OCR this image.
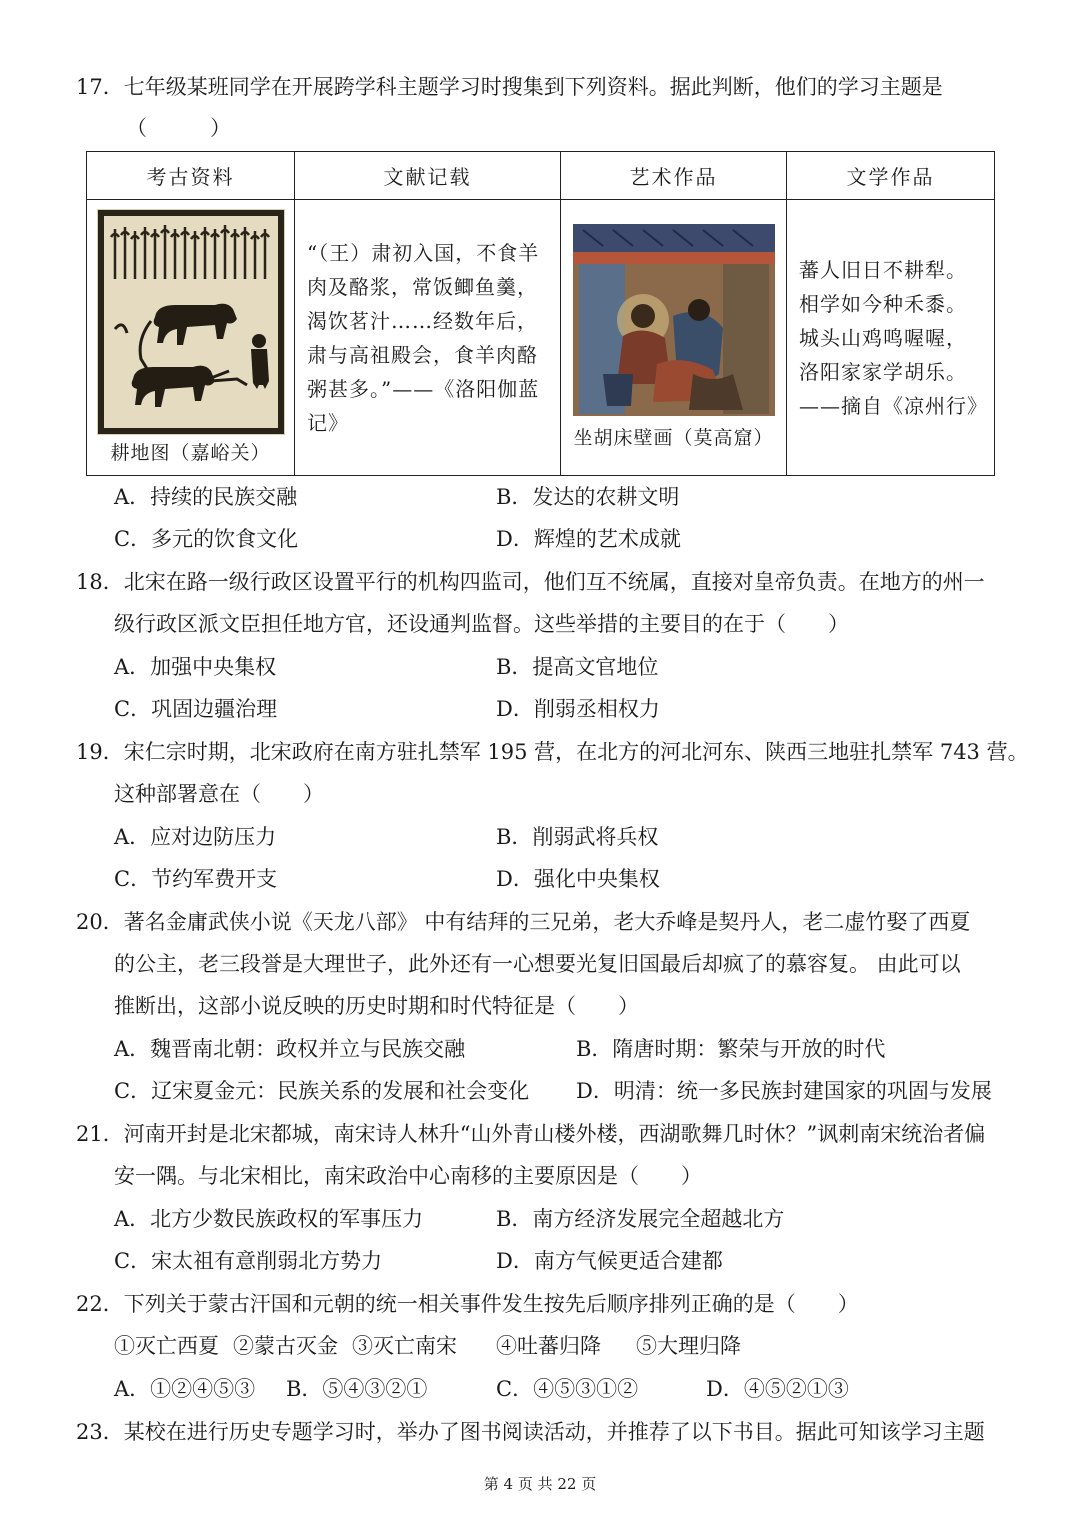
17．七年级某班同学在开展跨学科主题学习时搜集到下列资料。据此判断，他们的学习主题是
（　　　）
考古资料	文献记载	艺术作品	文学作品

耕地图（嘉峪关）	“（王）肃初入国，不食羊肉及酪浆，常饭鲫鱼羹，渴饮茗汁……经数年后，肃与高祖殿会，食羊肉酪粥甚多。”——《洛阳伽蓝记》	坐胡床壁画（莫高窟）	蕃人旧日不耕犁。相学如今种禾黍。城头山鸡鸣喔喔，洛阳家家学胡乐。——摘自《凉州行》
A．持续的民族交融	B．发达的农耕文明
C．多元的饮食文化	D．辉煌的艺术成就
18．北宋在路一级行政区设置平行的机构四监司，他们互不统属，直接对皇帝负责。在地方的州一
级行政区派文臣担任地方官，还设通判监督。这些举措的主要目的在于（　　）
A．加强中央集权	B．提高文官地位
C．巩固边疆治理	D．削弱丞相权力
19．宋仁宗时期，北宋政府在南方驻扎禁军 195 营，在北方的河北河东、陕西三地驻扎禁军 743 营。
这种部署意在（　　）
A．应对边防压力	B．削弱武将兵权
C．节约军费开支	D．强化中央集权
20．著名金庸武侠小说《天龙八部》 中有结拜的三兄弟，老大乔峰是契丹人，老二虚竹娶了西夏
的公主，老三段誉是大理世子，此外还有一心想要光复旧国最后却疯了的慕容复。 由此可以
推断出，这部小说反映的历史时期和时代特征是（　　）
A．魏晋南北朝：政权并立与民族交融	B．隋唐时期：繁荣与开放的时代
C．辽宋夏金元：民族关系的发展和社会变化 D．明清：统一多民族封建国家的巩固与发展
21．河南开封是北宋都城，南宋诗人林升“山外青山楼外楼，西湖歌舞几时休？”讽刺南宋统治者偏
安一隅。与北宋相比，南宋政治中心南移的主要原因是（　　）
A．北方少数民族政权的军事压力	B．南方经济发展完全超越北方
C．宋太祖有意削弱北方势力	D．南方气候更适合建都
22．下列关于蒙古汗国和元朝的统一相关事件发生按先后顺序排列正确的是（　　）
①灭亡西夏 ②蒙古灭金 ③灭亡南宋 ④吐蕃归降 ⑤大理归降
A．①②④⑤③ B．⑤④③②①	C．④⑤③①②	D．④⑤②①③
23．某校在进行历史专题学习时，举办了图书阅读活动，并推荐了以下书目。据此可知该学习主题
第 4 页 共 22 页
